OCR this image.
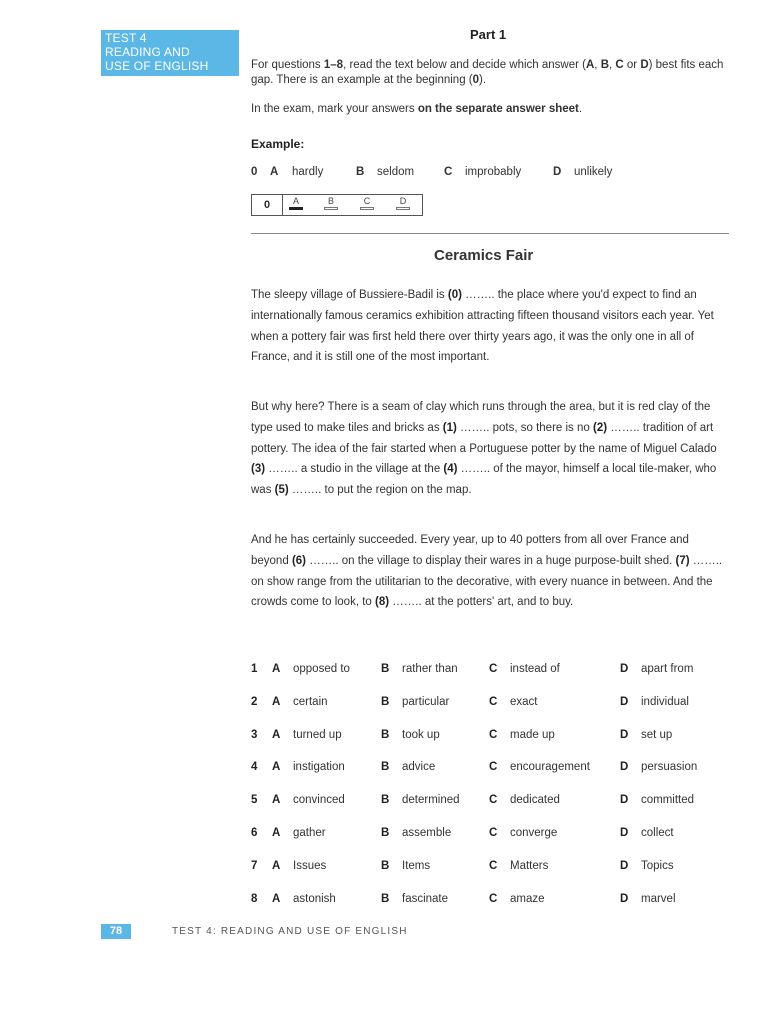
TEST 4
READING AND
USE OF ENGLISH
Part 1
For questions 1–8, read the text below and decide which answer (A, B, C or D) best fits each gap. There is an example at the beginning (0).
In the exam, mark your answers on the separate answer sheet.
Example:
0 A hardly	B seldom	C improbably	D unlikely
0	A	B	C	D
Ceramics Fair
The sleepy village of Bussiere-Badil is (0) …….. the place where you'd expect to find an internationally famous ceramics exhibition attracting fifteen thousand visitors each year. Yet when a pottery fair was first held there over thirty years ago, it was the only one in all of France, and it is still one of the most important.
But why here? There is a seam of clay which runs through the area, but it is red clay of the type used to make tiles and bricks as (1) …….. pots, so there is no (2) …….. tradition of art pottery. The idea of the fair started when a Portuguese potter by the name of Miguel Calado (3) …….. a studio in the village at the (4) …….. of the mayor, himself a local tile-maker, who was (5) …….. to put the region on the map.
And he has certainly succeeded. Every year, up to 40 potters from all over France and beyond (6) …….. on the village to display their wares in a huge purpose-built shed. (7) …….. on show range from the utilitarian to the decorative, with every nuance in between. And the crowds come to look, to (8) …….. at the potters' art, and to buy.
1 A opposed to	B rather than	C instead of	D apart from
2 A certain	B particular	C exact	D individual
3 A turned up	B took up	C made up	D set up
4 A instigation	B advice	C encouragement	D persuasion
5 A convinced	B determined	C dedicated	D committed
6 A gather	B assemble	C converge	D collect
7 A Issues	B Items	C Matters	D Topics
8 A astonish	B fascinate	C amaze	D marvel
78	TEST 4: READING AND USE OF ENGLISH
